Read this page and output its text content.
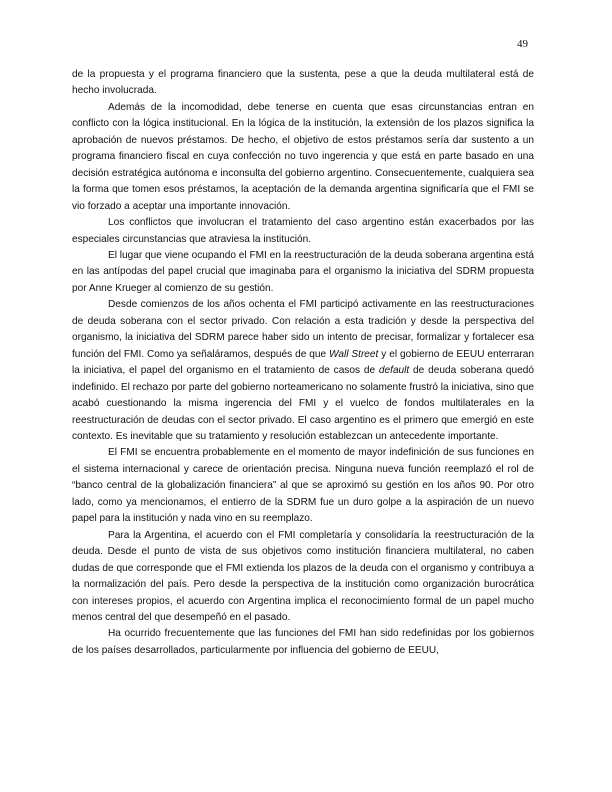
49

de la propuesta y el programa financiero que la sustenta, pese a que la deuda multilateral está de hecho involucrada.

Además de la incomodidad, debe tenerse en cuenta que esas circunstancias entran en conflicto con la lógica institucional. En la lógica de la institución, la extensión de los plazos significa la aprobación de nuevos préstamos. De hecho, el objetivo de estos préstamos sería dar sustento a un programa financiero fiscal en cuya confección no tuvo ingerencia y que está en parte basado en una decisión estratégica autónoma e inconsulta del gobierno argentino. Consecuentemente, cualquiera sea la forma que tomen esos préstamos, la aceptación de la demanda argentina significaría que el FMI se vio forzado a aceptar una importante innovación.

Los conflictos que involucran el tratamiento del caso argentino están exacerbados por las especiales circunstancias que atraviesa la institución.

El lugar que viene ocupando el FMI en la reestructuración de la deuda soberana argentina está en las antípodas del papel crucial que imaginaba para el organismo la iniciativa del SDRM propuesta por Anne Krueger al comienzo de su gestión.

Desde comienzos de los años ochenta el FMI participó activamente en las reestructuraciones de deuda soberana con el sector privado. Con relación a esta tradición y desde la perspectiva del organismo, la iniciativa del SDRM parece haber sido un intento de precisar, formalizar y fortalecer esa función del FMI. Como ya señaláramos, después de que Wall Street y el gobierno de EEUU enterraran la iniciativa, el papel del organismo en el tratamiento de casos de default de deuda soberana quedó indefinido. El rechazo por parte del gobierno norteamericano no solamente frustró la iniciativa, sino que acabó cuestionando la misma ingerencia del FMI y el vuelco de fondos multilaterales en la reestructuración de deudas con el sector privado. El caso argentino es el primero que emergió en este contexto. Es inevitable que su tratamiento y resolución establezcan un antecedente importante.

El FMI se encuentra probablemente en el momento de mayor indefinición de sus funciones en el sistema internacional y carece de orientación precisa. Ninguna nueva función reemplazó el rol de “banco central de la globalización financiera” al que se aproximó su gestión en los años 90. Por otro lado, como ya mencionamos, el entierro de la SDRM fue un duro golpe a la aspiración de un nuevo papel para la institución y nada vino en su reemplazo.

Para la Argentina, el acuerdo con el FMI completaría y consolidaría la reestructuración de la deuda. Desde el punto de vista de sus objetivos como institución financiera multilateral, no caben dudas de que corresponde que el FMI extienda los plazos de la deuda con el organismo y contribuya a la normalización del país. Pero desde la perspectiva de la institución como organización burocrática con intereses propios, el acuerdo con Argentina implica el reconocimiento formal de un papel mucho menos central del que desempeñó en el pasado.

Ha ocurrido frecuentemente que las funciones del FMI han sido redefinidas por los gobiernos de los países desarrollados, particularmente por influencia del gobierno de EEUU,
